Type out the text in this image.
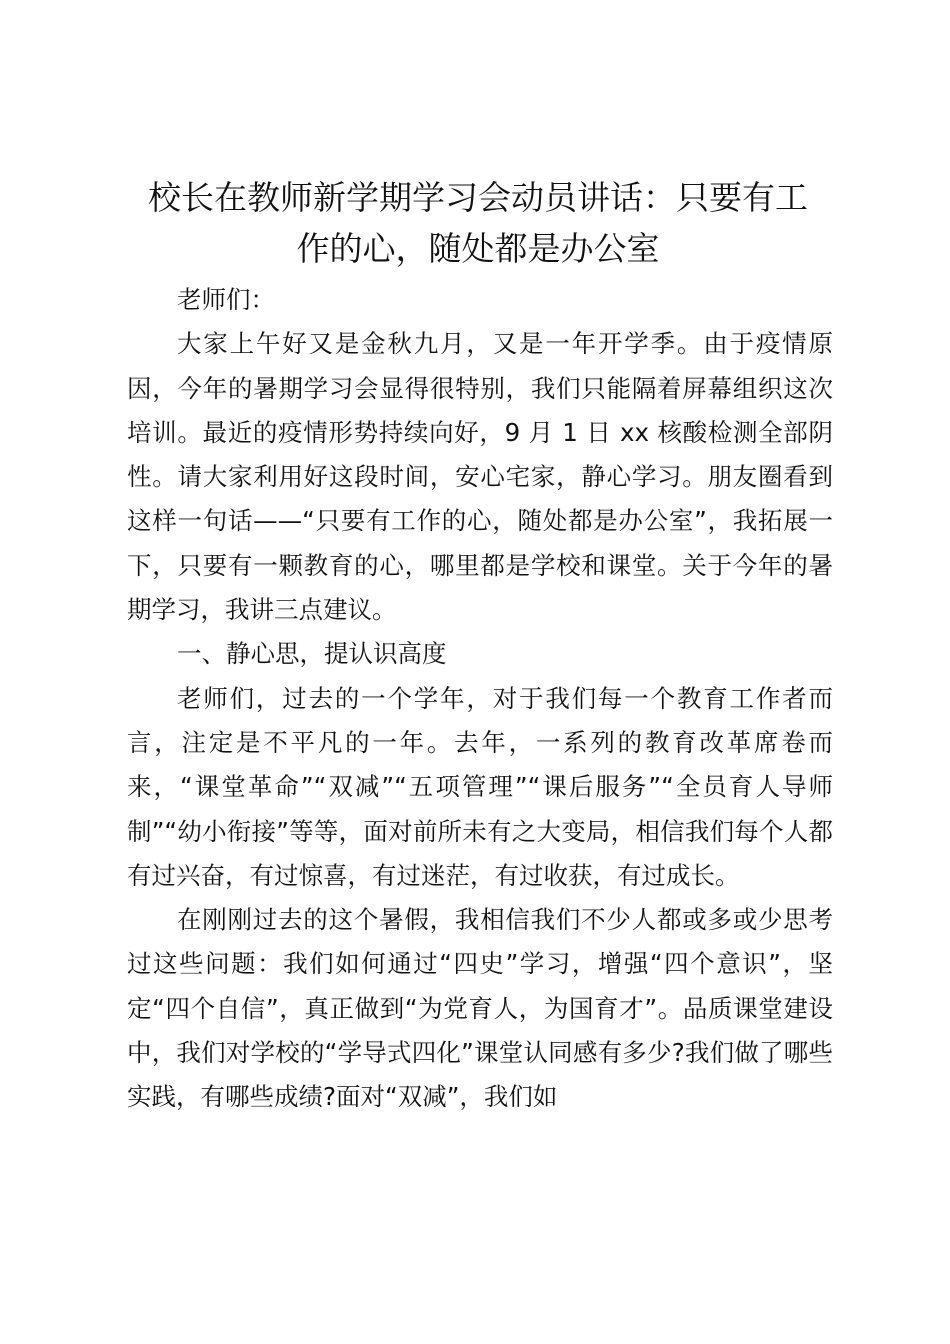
校长在教师新学期学习会动员讲话：只要有工
作的心，随处都是办公室

老师们：

大家上午好又是金秋九月，又是一年开学季。由于疫情原因，今年的暑期学习会显得很特别，我们只能隔着屏幕组织这次培训。最近的疫情形势持续向好，9 月 1 日 xx 核酸检测全部阴性。请大家利用好这段时间，安心宅家，静心学习。朋友圈看到这样一句话——“只要有工作的心，随处都是办公室”，我拓展一下，只要有一颗教育的心，哪里都是学校和课堂。关于今年的暑期学习，我讲三点建议。

一、静心思，提认识高度

老师们，过去的一个学年，对于我们每一个教育工作者而言，注定是不平凡的一年。去年，一系列的教育改革席卷而来，“课堂革命”“双减”“五项管理”“课后服务”“全员育人导师制”“幼小衔接”等等，面对前所未有之大变局，相信我们每个人都有过兴奋，有过惊喜，有过迷茫，有过收获，有过成长。

在刚刚过去的这个暑假，我相信我们不少人都或多或少思考过这些问题：我们如何通过“四史”学习，增强“四个意识”，坚定“四个自信”，真正做到“为党育人，为国育才”。品质课堂建设中，我们对学校的“学导式四化”课堂认同感有多少?我们做了哪些实践，有哪些成绩?面对“双减”，我们如
